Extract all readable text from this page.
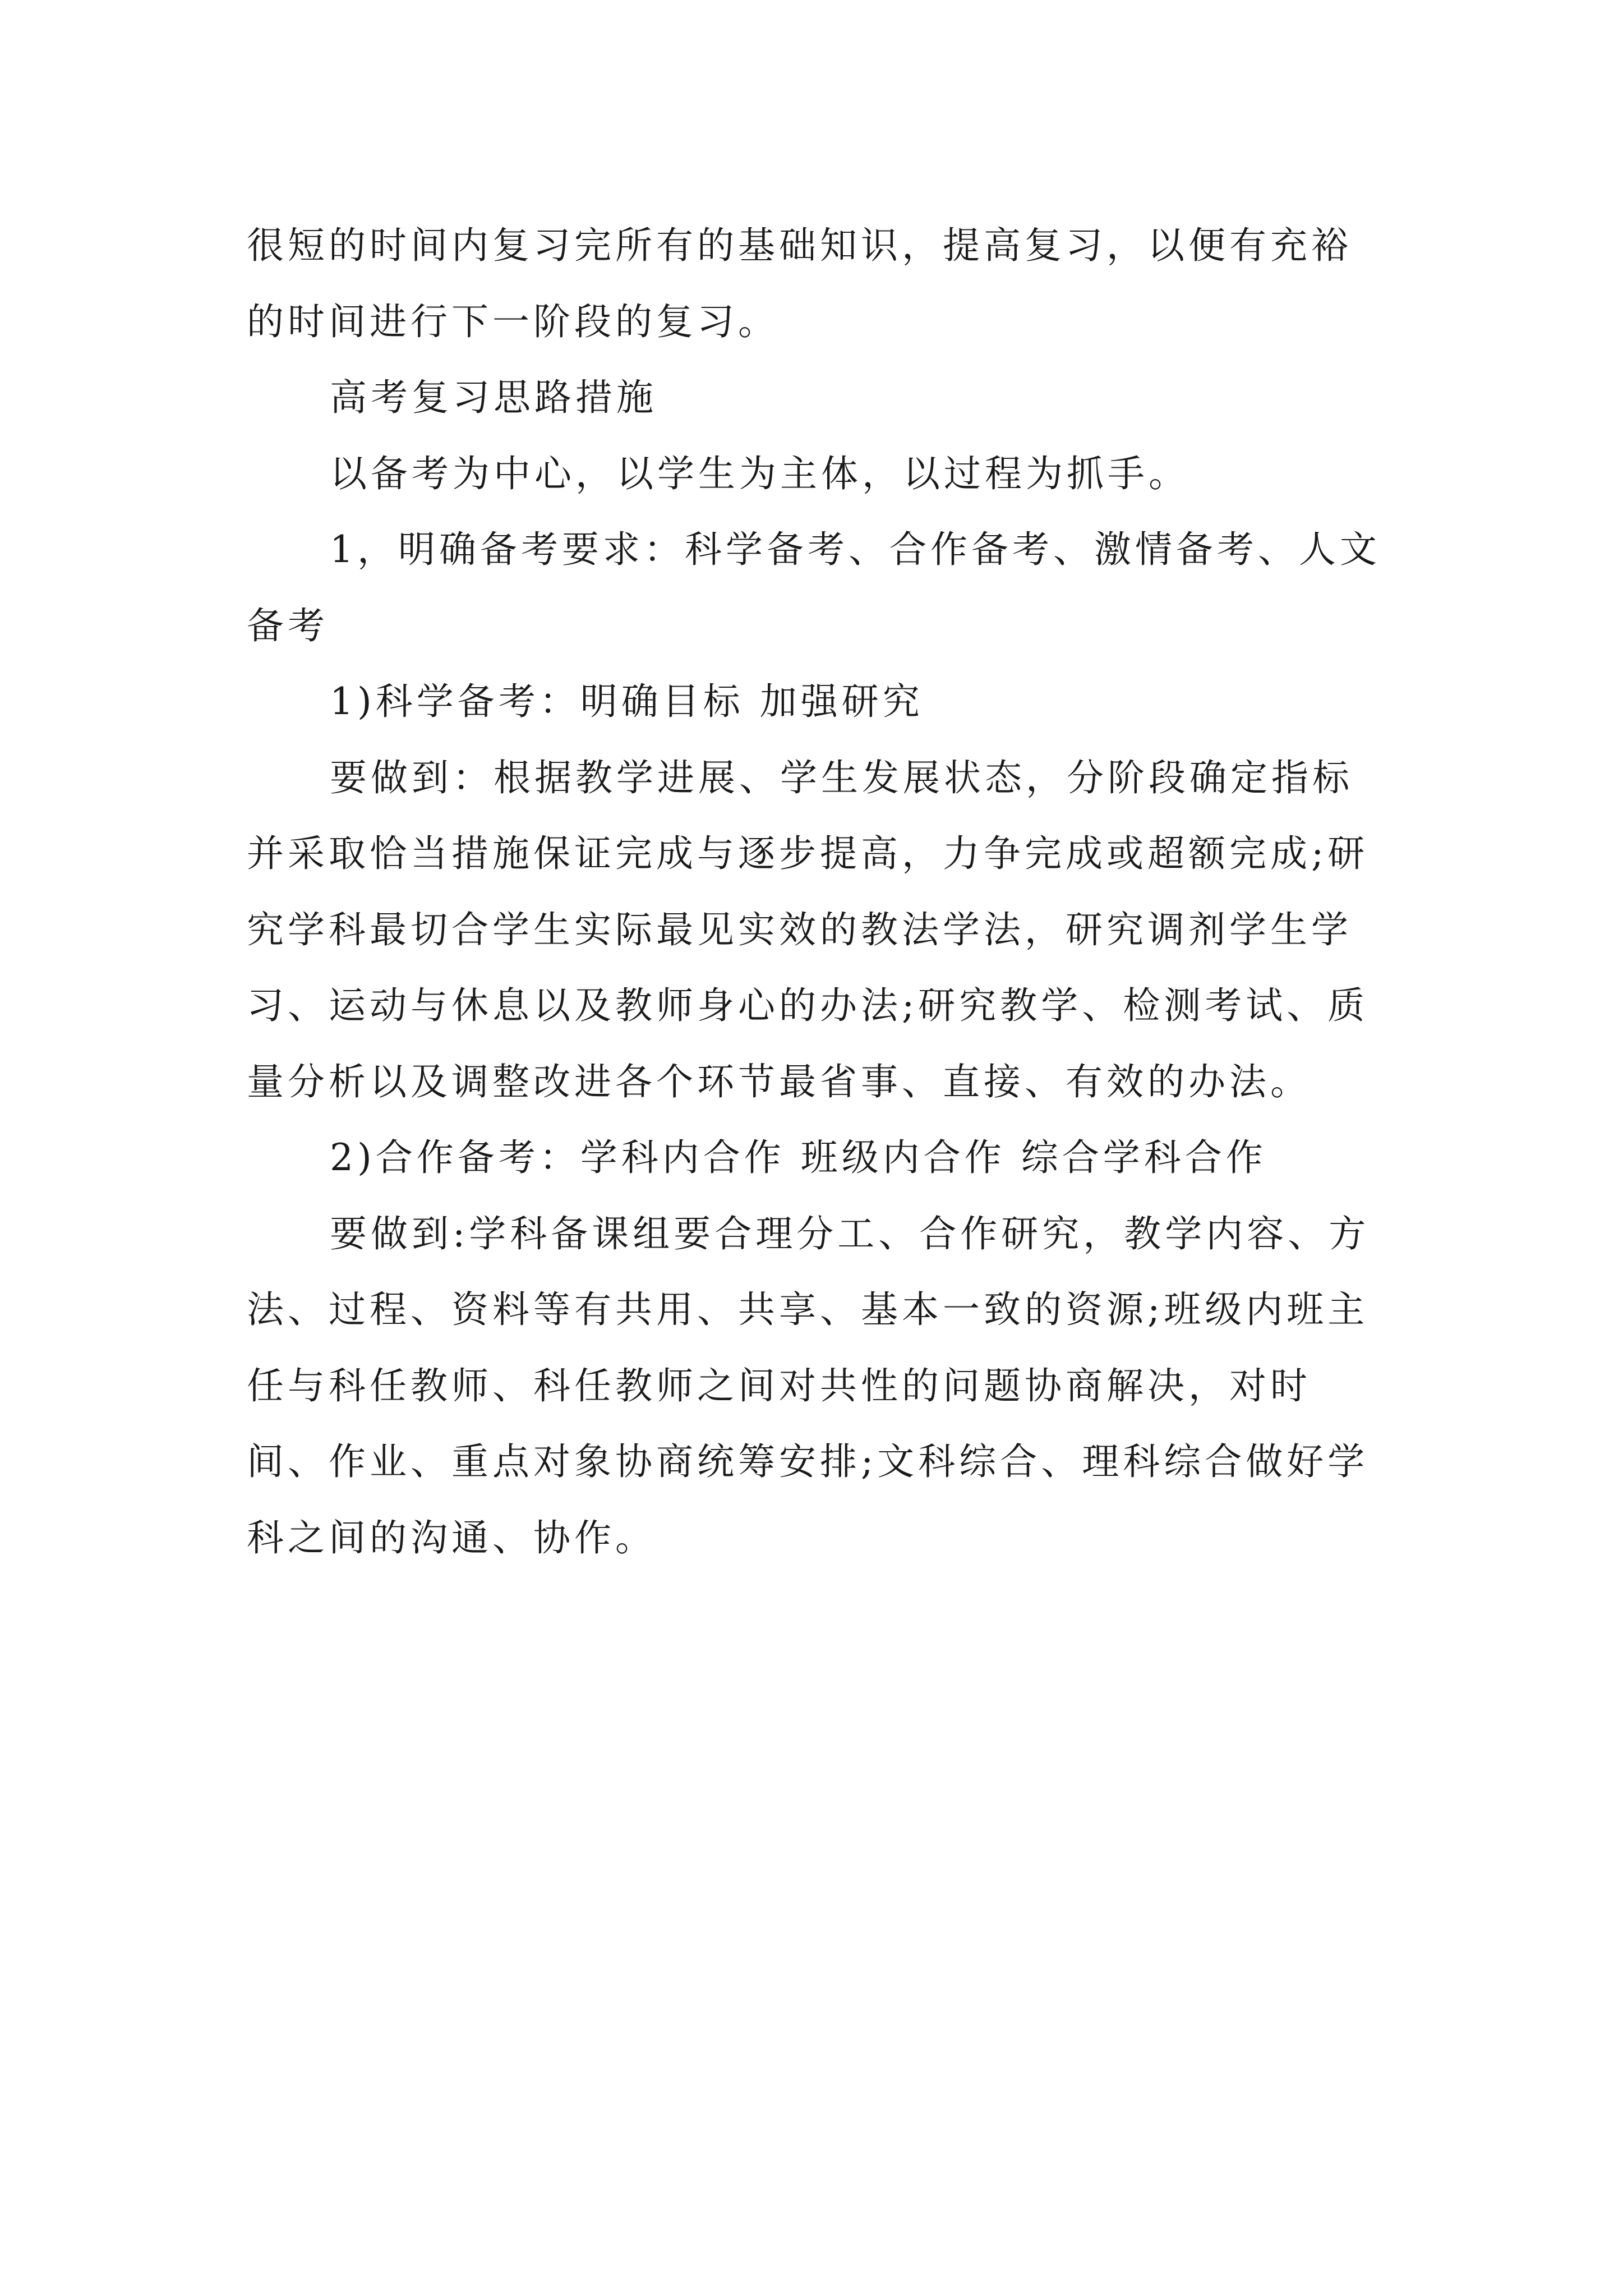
很短的时间内复习完所有的基础知识，提高复习，以便有充裕的时间进行下一阶段的复习。

高考复习思路措施

以备考为中心，以学生为主体，以过程为抓手。

1，明确备考要求：科学备考、合作备考、激情备考、人文备考

1)科学备考：明确目标 加强研究

要做到：根据教学进展、学生发展状态，分阶段确定指标并采取恰当措施保证完成与逐步提高，力争完成或超额完成;研究学科最切合学生实际最见实效的教法学法，研究调剂学生学习、运动与休息以及教师身心的办法;研究教学、检测考试、质量分析以及调整改进各个环节最省事、直接、有效的办法。

2)合作备考：学科内合作 班级内合作 综合学科合作

要做到:学科备课组要合理分工、合作研究，教学内容、方法、过程、资料等有共用、共享、基本一致的资源;班级内班主任与科任教师、科任教师之间对共性的问题协商解决，对时间、作业、重点对象协商统筹安排;文科综合、理科综合做好学科之间的沟通、协作。
